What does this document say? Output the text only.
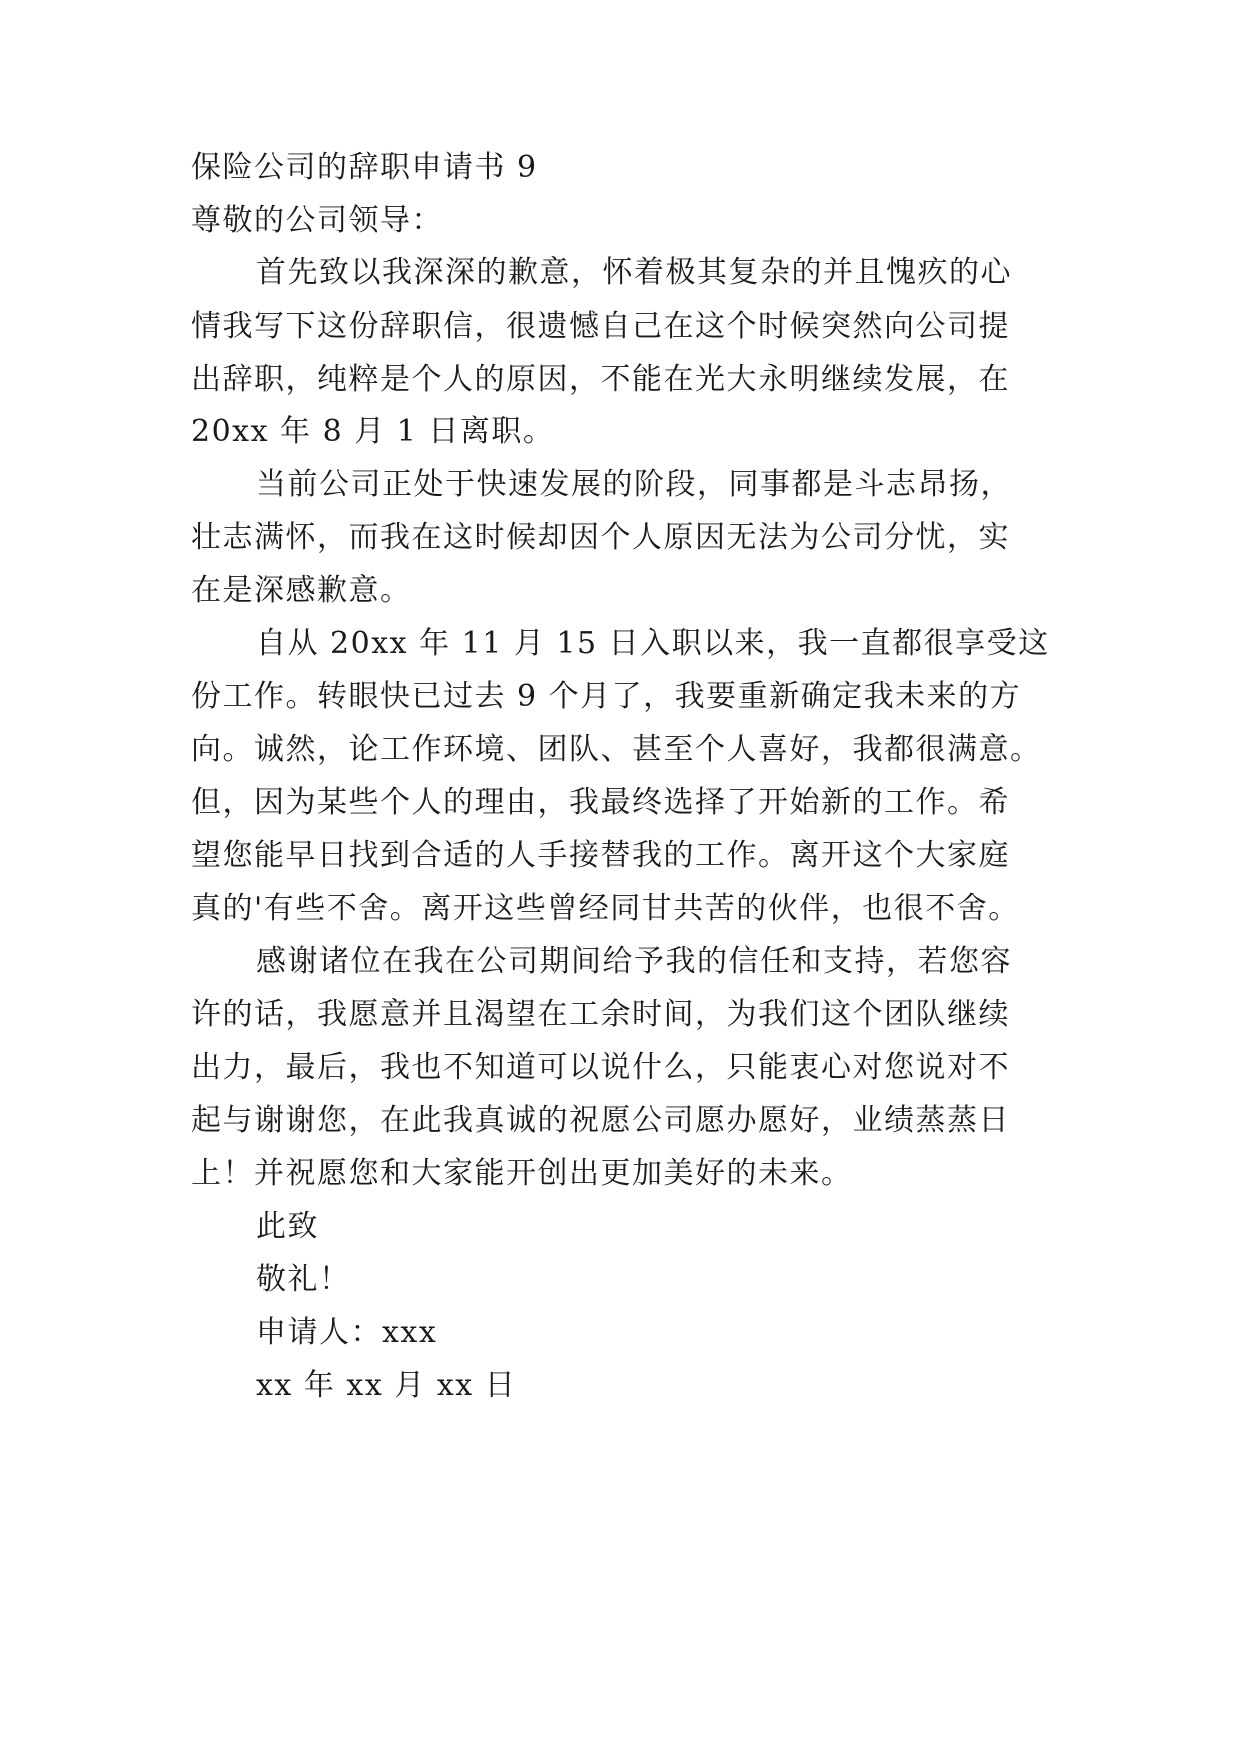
保险公司的辞职申请书 9
尊敬的公司领导：
首先致以我深深的歉意，怀着极其复杂的并且愧疚的心
情我写下这份辞职信，很遗憾自己在这个时候突然向公司提
出辞职，纯粹是个人的原因，不能在光大永明继续发展，在
20xx 年 8 月 1 日离职。
当前公司正处于快速发展的阶段，同事都是斗志昂扬，
壮志满怀，而我在这时候却因个人原因无法为公司分忧，实
在是深感歉意。
自从 20xx 年 11 月 15 日入职以来，我一直都很享受这
份工作。转眼快已过去 9 个月了，我要重新确定我未来的方
向。诚然，论工作环境、团队、甚至个人喜好，我都很满意。
但，因为某些个人的理由，我最终选择了开始新的工作。希
望您能早日找到合适的人手接替我的工作。离开这个大家庭
真的'有些不舍。离开这些曾经同甘共苦的伙伴，也很不舍。
感谢诸位在我在公司期间给予我的信任和支持，若您容
许的话，我愿意并且渴望在工余时间，为我们这个团队继续
出力，最后，我也不知道可以说什么，只能衷心对您说对不
起与谢谢您，在此我真诚的祝愿公司愿办愿好，业绩蒸蒸日
上！并祝愿您和大家能开创出更加美好的未来。
此致
敬礼！
申请人：xxx
xx 年 xx 月 xx 日
